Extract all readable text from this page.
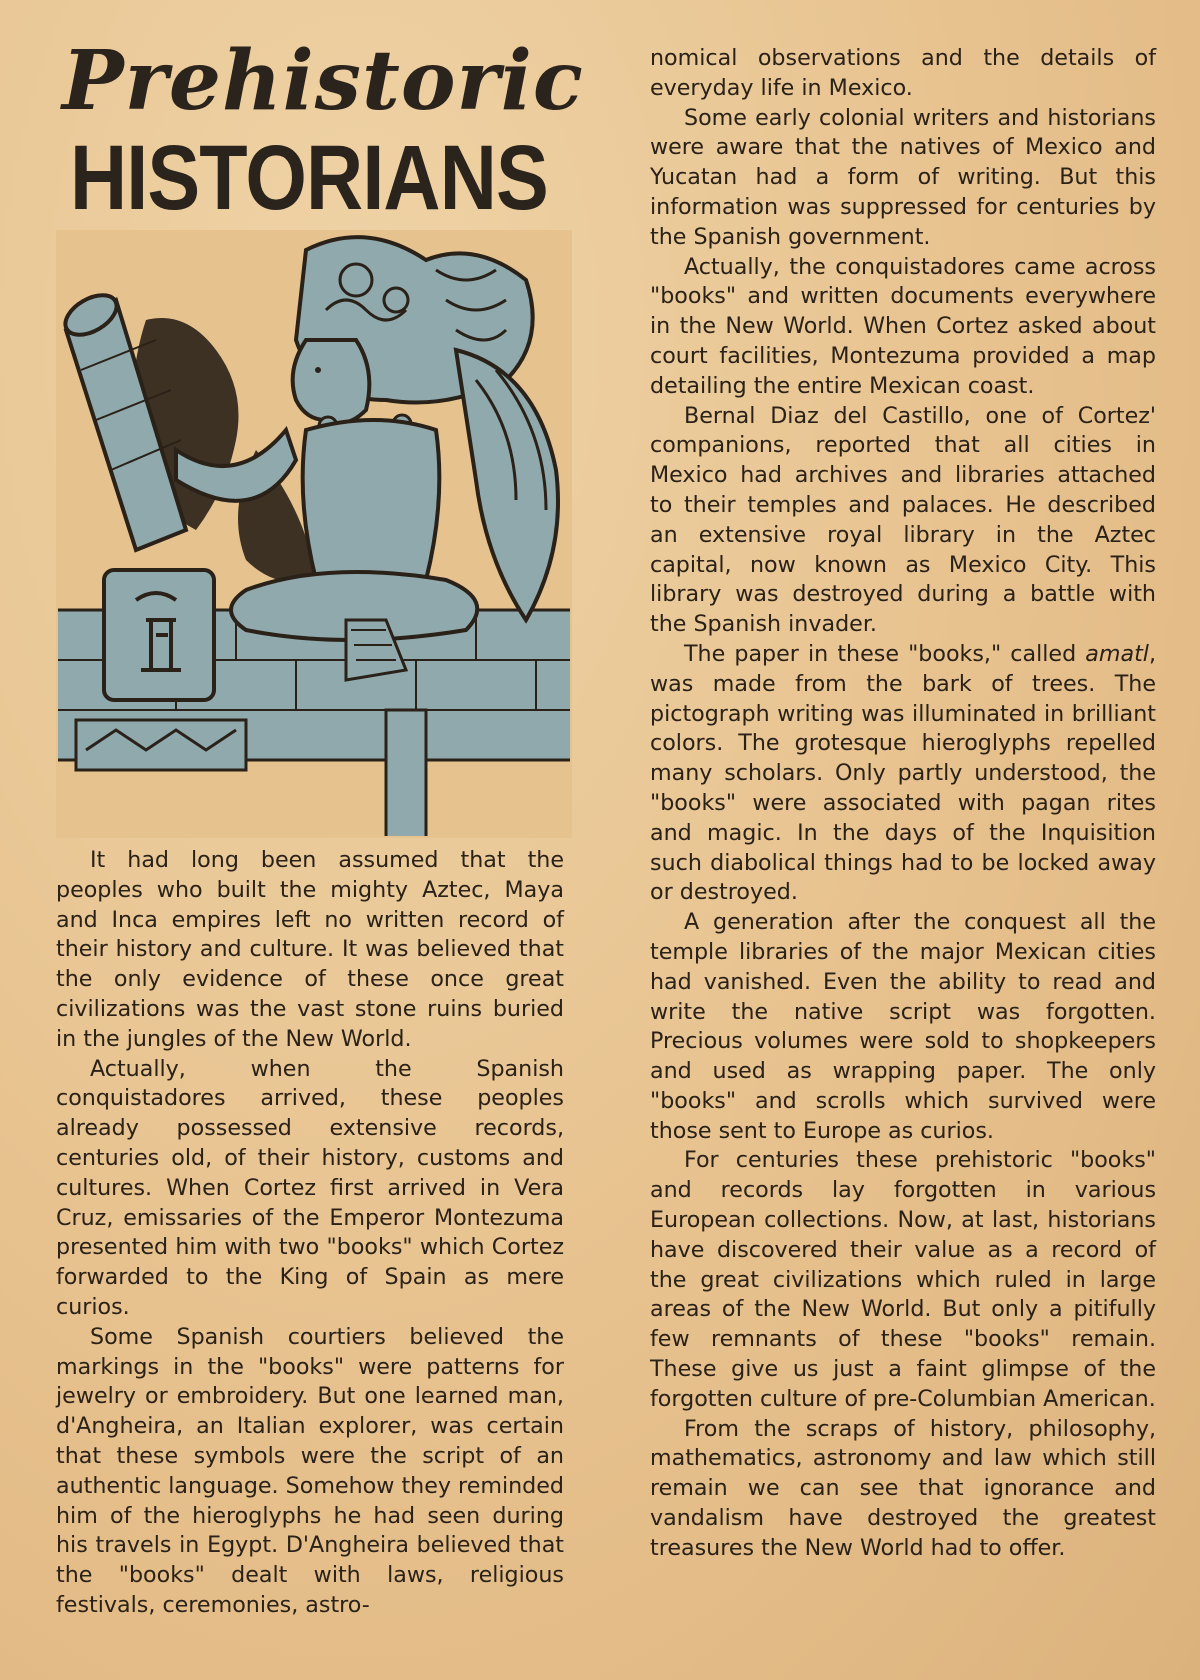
Prehistoric
HISTORIANS

It had long been assumed that the peoples who built the mighty Aztec, Maya and Inca empires left no written record of their history and culture. It was believed that the only evidence of these once great civilizations was the vast stone ruins buried in the jungles of the New World.

Actually, when the Spanish conquistadores arrived, these peoples already possessed extensive records, centuries old, of their history, customs and cultures. When Cortez first arrived in Vera Cruz, emissaries of the Emperor Montezuma presented him with two "books" which Cortez forwarded to the King of Spain as mere curios.

Some Spanish courtiers believed the markings in the "books" were patterns for jewelry or embroidery. But one learned man, d'Angheira, an Italian explorer, was certain that these symbols were the script of an authentic language. Somehow they reminded him of the hieroglyphs he had seen during his travels in Egypt. D'Angheira believed that the "books" dealt with laws, religious festivals, ceremonies, astro-

nomical observations and the details of everyday life in Mexico.

Some early colonial writers and historians were aware that the natives of Mexico and Yucatan had a form of writing. But this information was suppressed for centuries by the Spanish government.

Actually, the conquistadores came across "books" and written documents everywhere in the New World. When Cortez asked about court facilities, Montezuma provided a map detailing the entire Mexican coast.

Bernal Diaz del Castillo, one of Cortez' companions, reported that all cities in Mexico had archives and libraries attached to their temples and palaces. He described an extensive royal library in the Aztec capital, now known as Mexico City. This library was destroyed during a battle with the Spanish invader.

The paper in these "books," called amatl, was made from the bark of trees. The pictograph writing was illuminated in brilliant colors. The grotesque hieroglyphs repelled many scholars. Only partly understood, the "books" were associated with pagan rites and magic. In the days of the Inquisition such diabolical things had to be locked away or destroyed.

A generation after the conquest all the temple libraries of the major Mexican cities had vanished. Even the ability to read and write the native script was forgotten. Precious volumes were sold to shopkeepers and used as wrapping paper. The only "books" and scrolls which survived were those sent to Europe as curios.

For centuries these prehistoric "books" and records lay forgotten in various European collections. Now, at last, historians have discovered their value as a record of the great civilizations which ruled in large areas of the New World. But only a pitifully few remnants of these "books" remain. These give us just a faint glimpse of the forgotten culture of pre-Columbian American.

From the scraps of history, philosophy, mathematics, astronomy and law which still remain we can see that ignorance and vandalism have destroyed the greatest treasures the New World had to offer.
